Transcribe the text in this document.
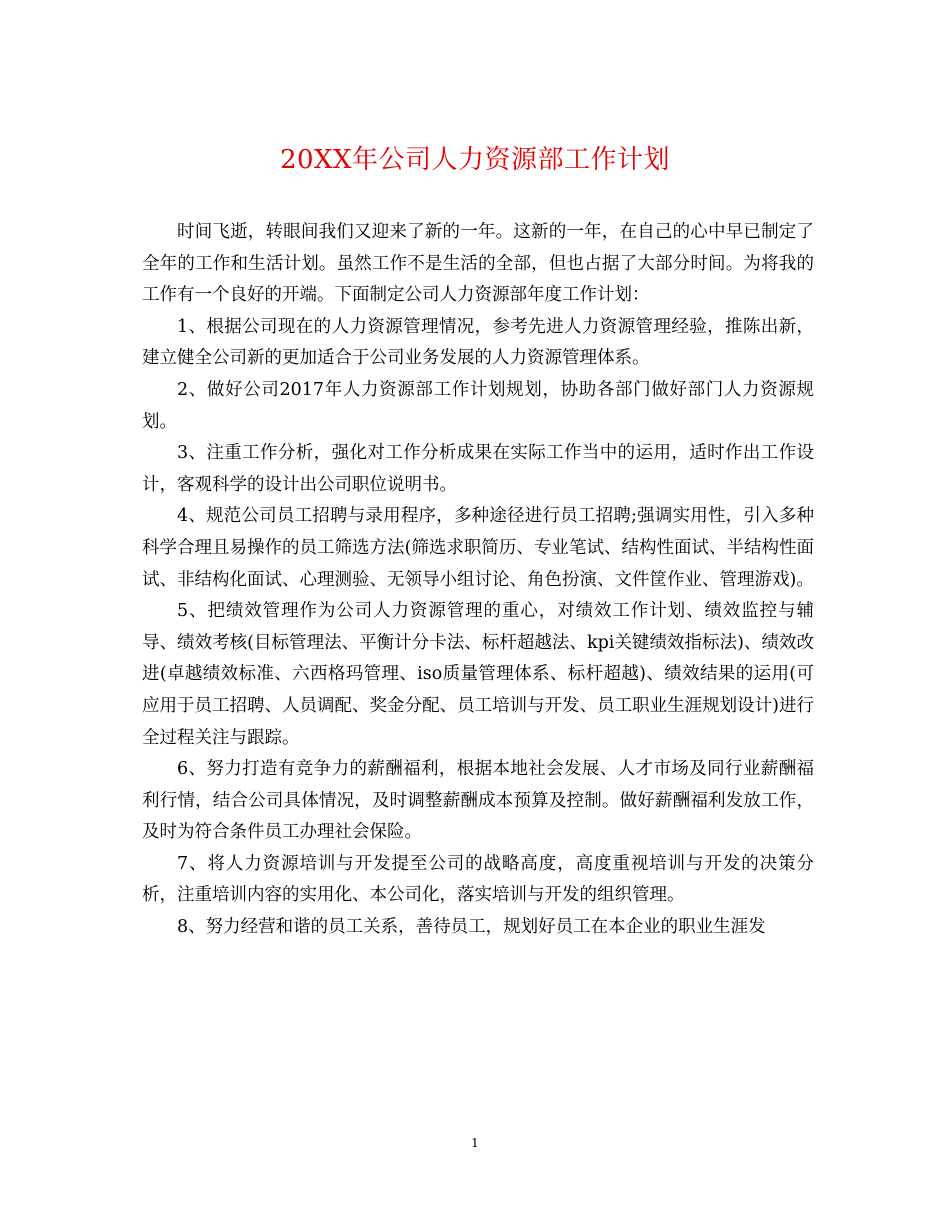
20XX年公司人力资源部工作计划

时间飞逝，转眼间我们又迎来了新的一年。这新的一年，在自己的心中早已制定了全年的工作和生活计划。虽然工作不是生活的全部，但也占据了大部分时间。为将我的工作有一个良好的开端。下面制定公司人力资源部年度工作计划：

1、根据公司现在的人力资源管理情况，参考先进人力资源管理经验，推陈出新，建立健全公司新的更加适合于公司业务发展的人力资源管理体系。

2、做好公司2017年人力资源部工作计划规划，协助各部门做好部门人力资源规划。

3、注重工作分析，强化对工作分析成果在实际工作当中的运用，适时作出工作设计，客观科学的设计出公司职位说明书。

4、规范公司员工招聘与录用程序，多种途径进行员工招聘;强调实用性，引入多种科学合理且易操作的员工筛选方法(筛选求职简历、专业笔试、结构性面试、半结构性面试、非结构化面试、心理测验、无领导小组讨论、角色扮演、文件筐作业、管理游戏)。

5、把绩效管理作为公司人力资源管理的重心，对绩效工作计划、绩效监控与辅导、绩效考核(目标管理法、平衡计分卡法、标杆超越法、kpi关键绩效指标法)、绩效改进(卓越绩效标准、六西格玛管理、iso质量管理体系、标杆超越)、绩效结果的运用(可应用于员工招聘、人员调配、奖金分配、员工培训与开发、员工职业生涯规划设计)进行全过程关注与跟踪。

6、努力打造有竞争力的薪酬福利，根据本地社会发展、人才市场及同行业薪酬福利行情，结合公司具体情况，及时调整薪酬成本预算及控制。做好薪酬福利发放工作，及时为符合条件员工办理社会保险。

7、将人力资源培训与开发提至公司的战略高度，高度重视培训与开发的决策分析，注重培训内容的实用化、本公司化，落实培训与开发的组织管理。

8、努力经营和谐的员工关系，善待员工，规划好员工在本企业的职业生涯发

1
